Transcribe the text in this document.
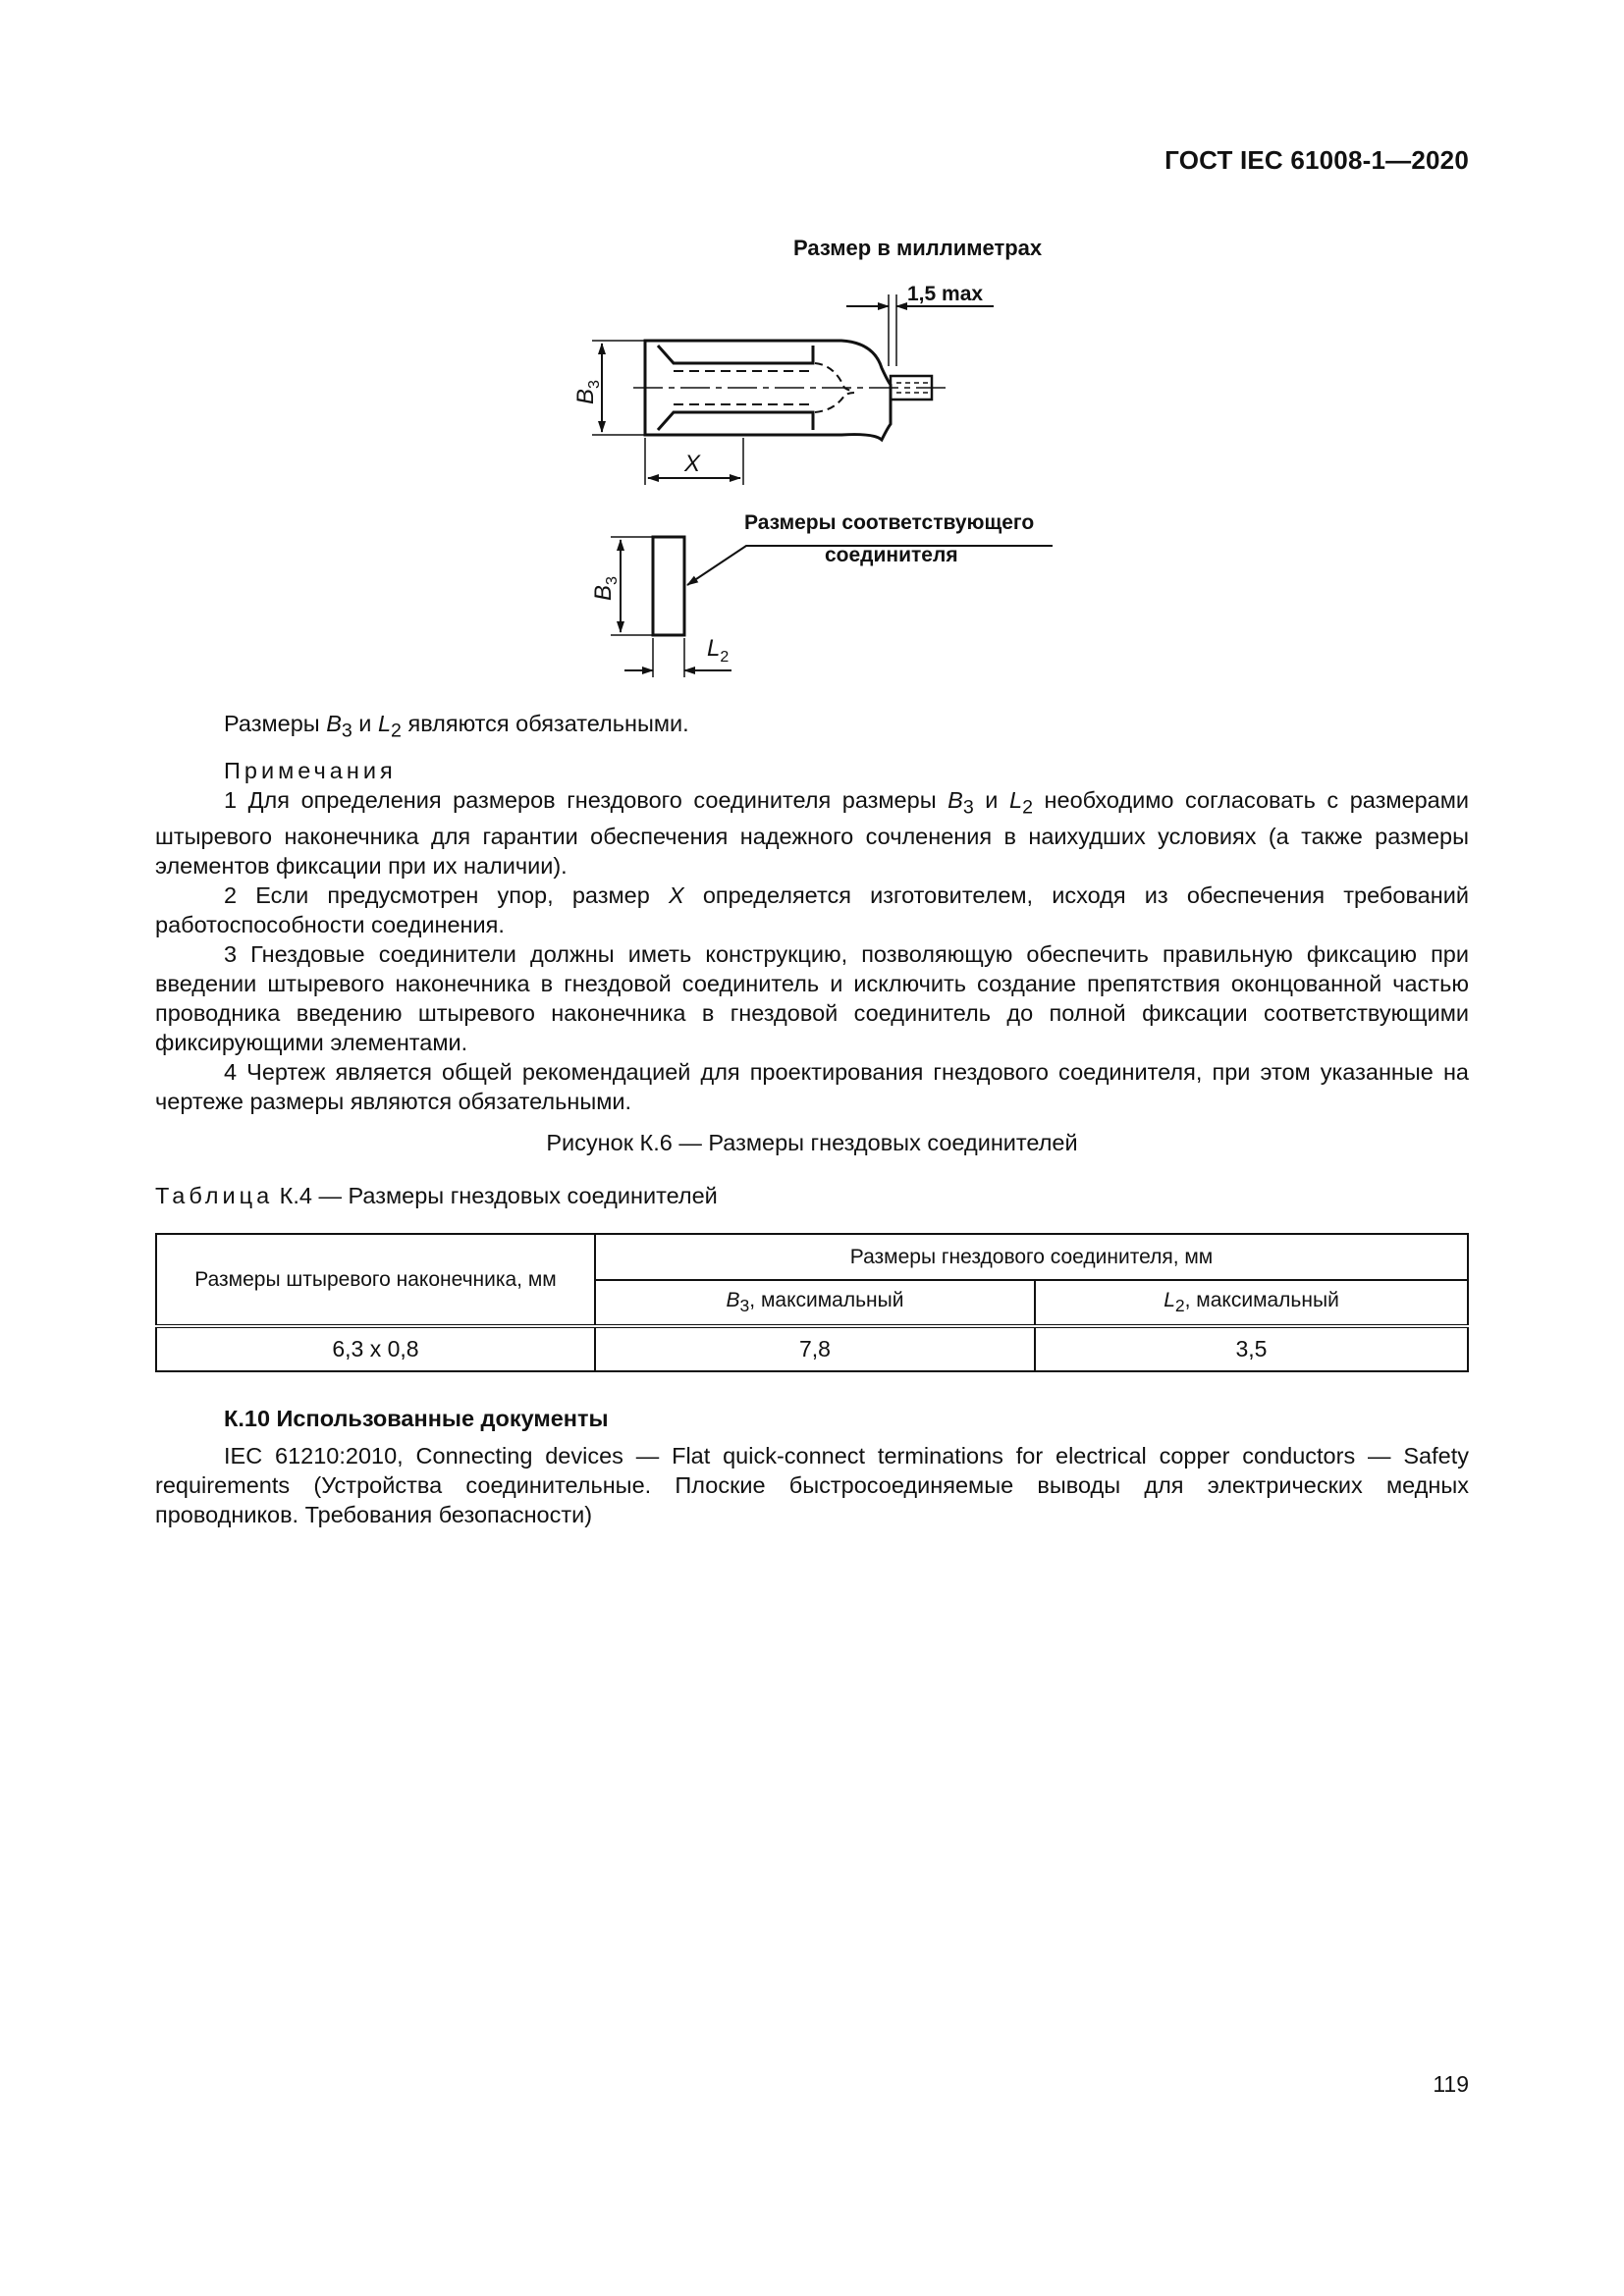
ГОСТ IEC 61008-1—2020
Размер в миллиметрах
1,5 max
Размеры соответствующего
соединителя
$B_3$
X
$B_3$
$L_2$

Размеры $B_3$ и $L_2$ являются обязательными.

Примечания

1 Для определения размеров гнездового соединителя размеры $B_3$ и $L_2$ необходимо согласовать с размерами штыревого наконечника для гарантии обеспечения надежного сочленения в наихудших условиях (а также размеры элементов фиксации при их наличии).

2 Если предусмотрен упор, размер X определяется изготовителем, исходя из обеспечения требований работоспособности соединения.

3 Гнездовые соединители должны иметь конструкцию, позволяющую обеспечить правильную фиксацию при введении штыревого наконечника в гнездовой соединитель и исключить создание препятствия оконцованной частью проводника введению штыревого наконечника в гнездовой соединитель до полной фиксации соответствующими фиксирующими элементами.

4 Чертеж является общей рекомендацией для проектирования гнездового соединителя, при этом указанные на чертеже размеры являются обязательными.

Рисунок К.6 — Размеры гнездовых соединителей

Таблица К.4 — Размеры гнездовых соединителей
Размеры штыревого наконечника, мм	Размеры гнездового соединителя, мм	
	$B_3$, максимальный	$L_2$, максимальный
6,3 x 0,8	7,8	3,5

К.10 Использованные документы

IEC 61210:2010, Connecting devices — Flat quick-connect terminations for electrical copper conductors — Safety requirements (Устройства соединительные. Плоские быстросоединяемые выводы для электрических медных проводников. Требования безопасности)

119
